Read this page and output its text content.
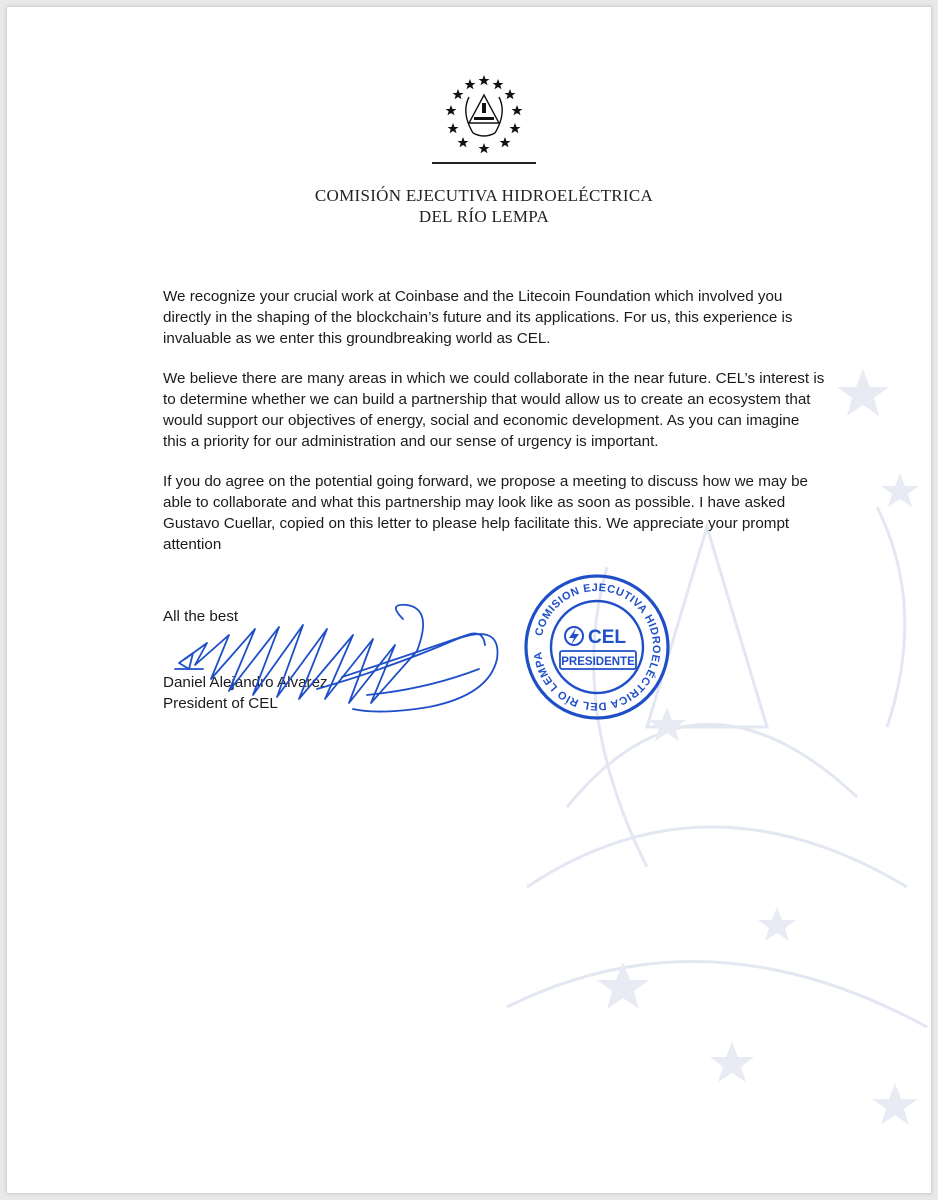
COMISIÓN EJECUTIVA HIDROELÉCTRICA

DEL RÍO LEMPA

We recognize your crucial work at Coinbase and the Litecoin Foundation which involved you directly in the shaping of the blockchain’s future and its applications. For us, this experience is invaluable as we enter this groundbreaking world as CEL.

We believe there are many areas in which we could collaborate in the near future. CEL’s interest is to determine whether we can build a partnership that would allow us to create an ecosystem that would support our objectives of energy, social and economic development. As you can imagine this a priority for our administration and our sense of urgency is important.

If you do agree on the potential going forward, we propose a meeting to discuss how we may be able to collaborate and what this partnership may look like as soon as possible. I have asked Gustavo Cuellar, copied on this letter to please help facilitate this. We appreciate your prompt attention

All the best
Daniel Alejandro Alvarez
President of CEL
COMISION EJECUTIVA HIDROELÉCTRICA DEL RÍO LEMPA
CEL
PRESIDENTE
